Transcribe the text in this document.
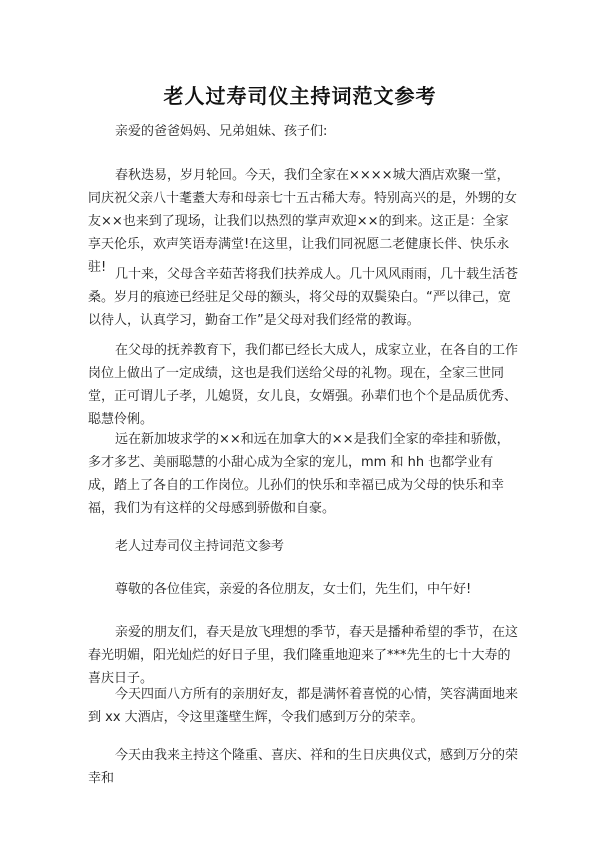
老人过寿司仪主持词范文参考

亲爱的爸爸妈妈、兄弟姐妹、孩子们:

春秋迭易，岁月轮回。今天，我们全家在××××城大酒店欢聚一堂，同庆祝父亲八十耄耋大寿和母亲七十五古稀大寿。特别高兴的是，外甥的女友××也来到了现场，让我们以热烈的掌声欢迎××的到来。这正是：全家享天伦乐，欢声笑语寿满堂!在这里，让我们同祝愿二老健康长伴、快乐永驻! 几十来，父母含辛茹苦将我们扶养成人。几十风风雨雨，几十载生活苍桑。岁月的痕迹已经驻足父母的额头，将父母的双鬓染白。“严以律己，宽以待人，认真学习，勤奋工作”是父母对我们经常的教诲。

在父母的抚养教育下，我们都已经长大成人，成家立业，在各自的工作岗位上做出了一定成绩，这也是我们送给父母的礼物。现在，全家三世同堂，正可谓儿子孝，儿媳贤，女儿良，女婿强。孙辈们也个个是品质优秀、聪慧伶俐。

远在新加坡求学的××和远在加拿大的××是我们全家的牵挂和骄傲，多才多艺、美丽聪慧的小甜心成为全家的宠儿，mm 和 hh 也都学业有成，踏上了各自的工作岗位。儿孙们的快乐和幸福已成为父母的快乐和幸福，我们为有这样的父母感到骄傲和自豪。

老人过寿司仪主持词范文参考

尊敬的各位佳宾，亲爱的各位朋友，女士们，先生们，中午好!

亲爱的朋友们，春天是放飞理想的季节，春天是播种希望的季节，在这春光明媚，阳光灿烂的好日子里，我们隆重地迎来了***先生的七十大寿的喜庆日子。

今天四面八方所有的亲朋好友，都是满怀着喜悦的心情，笑容满面地来到 xx 大酒店，令这里蓬壁生辉，令我们感到万分的荣幸。

今天由我来主持这个隆重、喜庆、祥和的生日庆典仪式，感到万分的荣幸和
